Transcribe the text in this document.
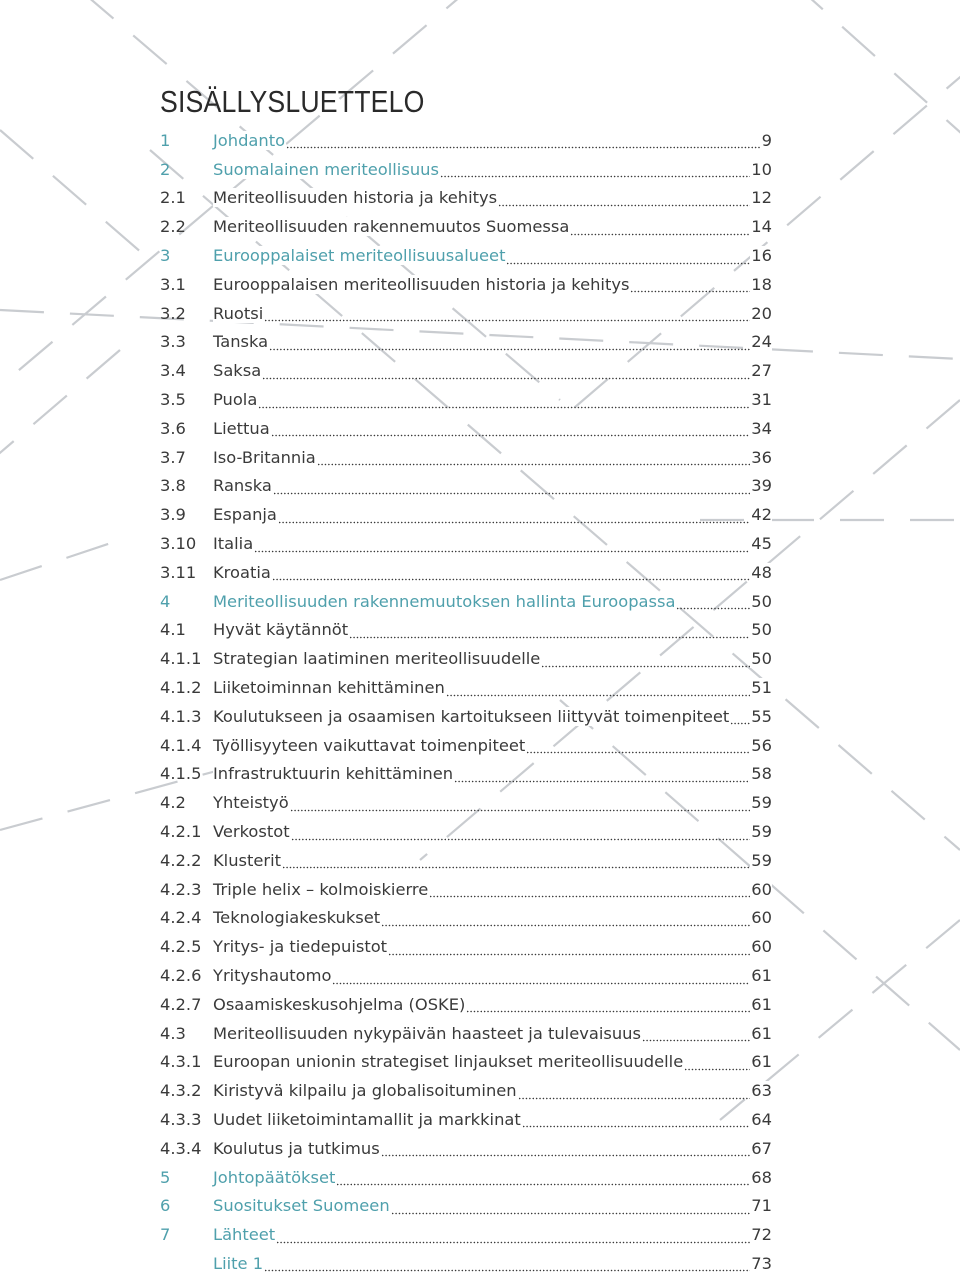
SISÄLLYSLUETTELO
1	Johdanto	9
2	Suomalainen meriteollisuus	10
2.1	Meriteollisuuden historia ja kehitys	12
2.2	Meriteollisuuden rakennemuutos Suomessa	14
3	Eurooppalaiset meriteollisuusalueet	16
3.1	Eurooppalaisen meriteollisuuden historia ja kehitys	18
3.2	Ruotsi	20
3.3	Tanska	24
3.4	Saksa	27
3.5	Puola	31
3.6	Liettua	34
3.7	Iso-Britannia	36
3.8	Ranska	39
3.9	Espanja	42
3.10	Italia	45
3.11	Kroatia	48
4	Meriteollisuuden rakennemuutoksen hallinta Euroopassa	50
4.1	Hyvät käytännöt	50
4.1.1 Strategian laatiminen meriteollisuudelle	50
4.1.2 Liiketoiminnan kehittäminen	51
4.1.3 Koulutukseen ja osaamisen kartoitukseen liittyvät toimenpiteet 55
4.1.4 Työllisyyteen vaikuttavat toimenpiteet	56
4.1.5 Infrastruktuurin kehittäminen	58
4.2	Yhteistyö	59
4.2.1 Verkostot	59
4.2.2 Klusterit	59
4.2.3 Triple helix – kolmoiskierre	60
4.2.4 Teknologiakeskukset	60
4.2.5 Yritys- ja tiedepuistot	60
4.2.6 Yrityshautomo	61
4.2.7 Osaamiskeskusohjelma (OSKE)	61
4.3	Meriteollisuuden nykypäivän haasteet ja tulevaisuus	61
4.3.1 Euroopan unionin strategiset linjaukset meriteollisuudelle	61
4.3.2 Kiristyvä kilpailu ja globalisoituminen	63
4.3.3 Uudet liiketoimintamallit ja markkinat	64
4.3.4 Koulutus ja tutkimus	67
5	Johtopäätökset	68
6	Suositukset Suomeen	71
7	Lähteet	72
Liite 1	73
